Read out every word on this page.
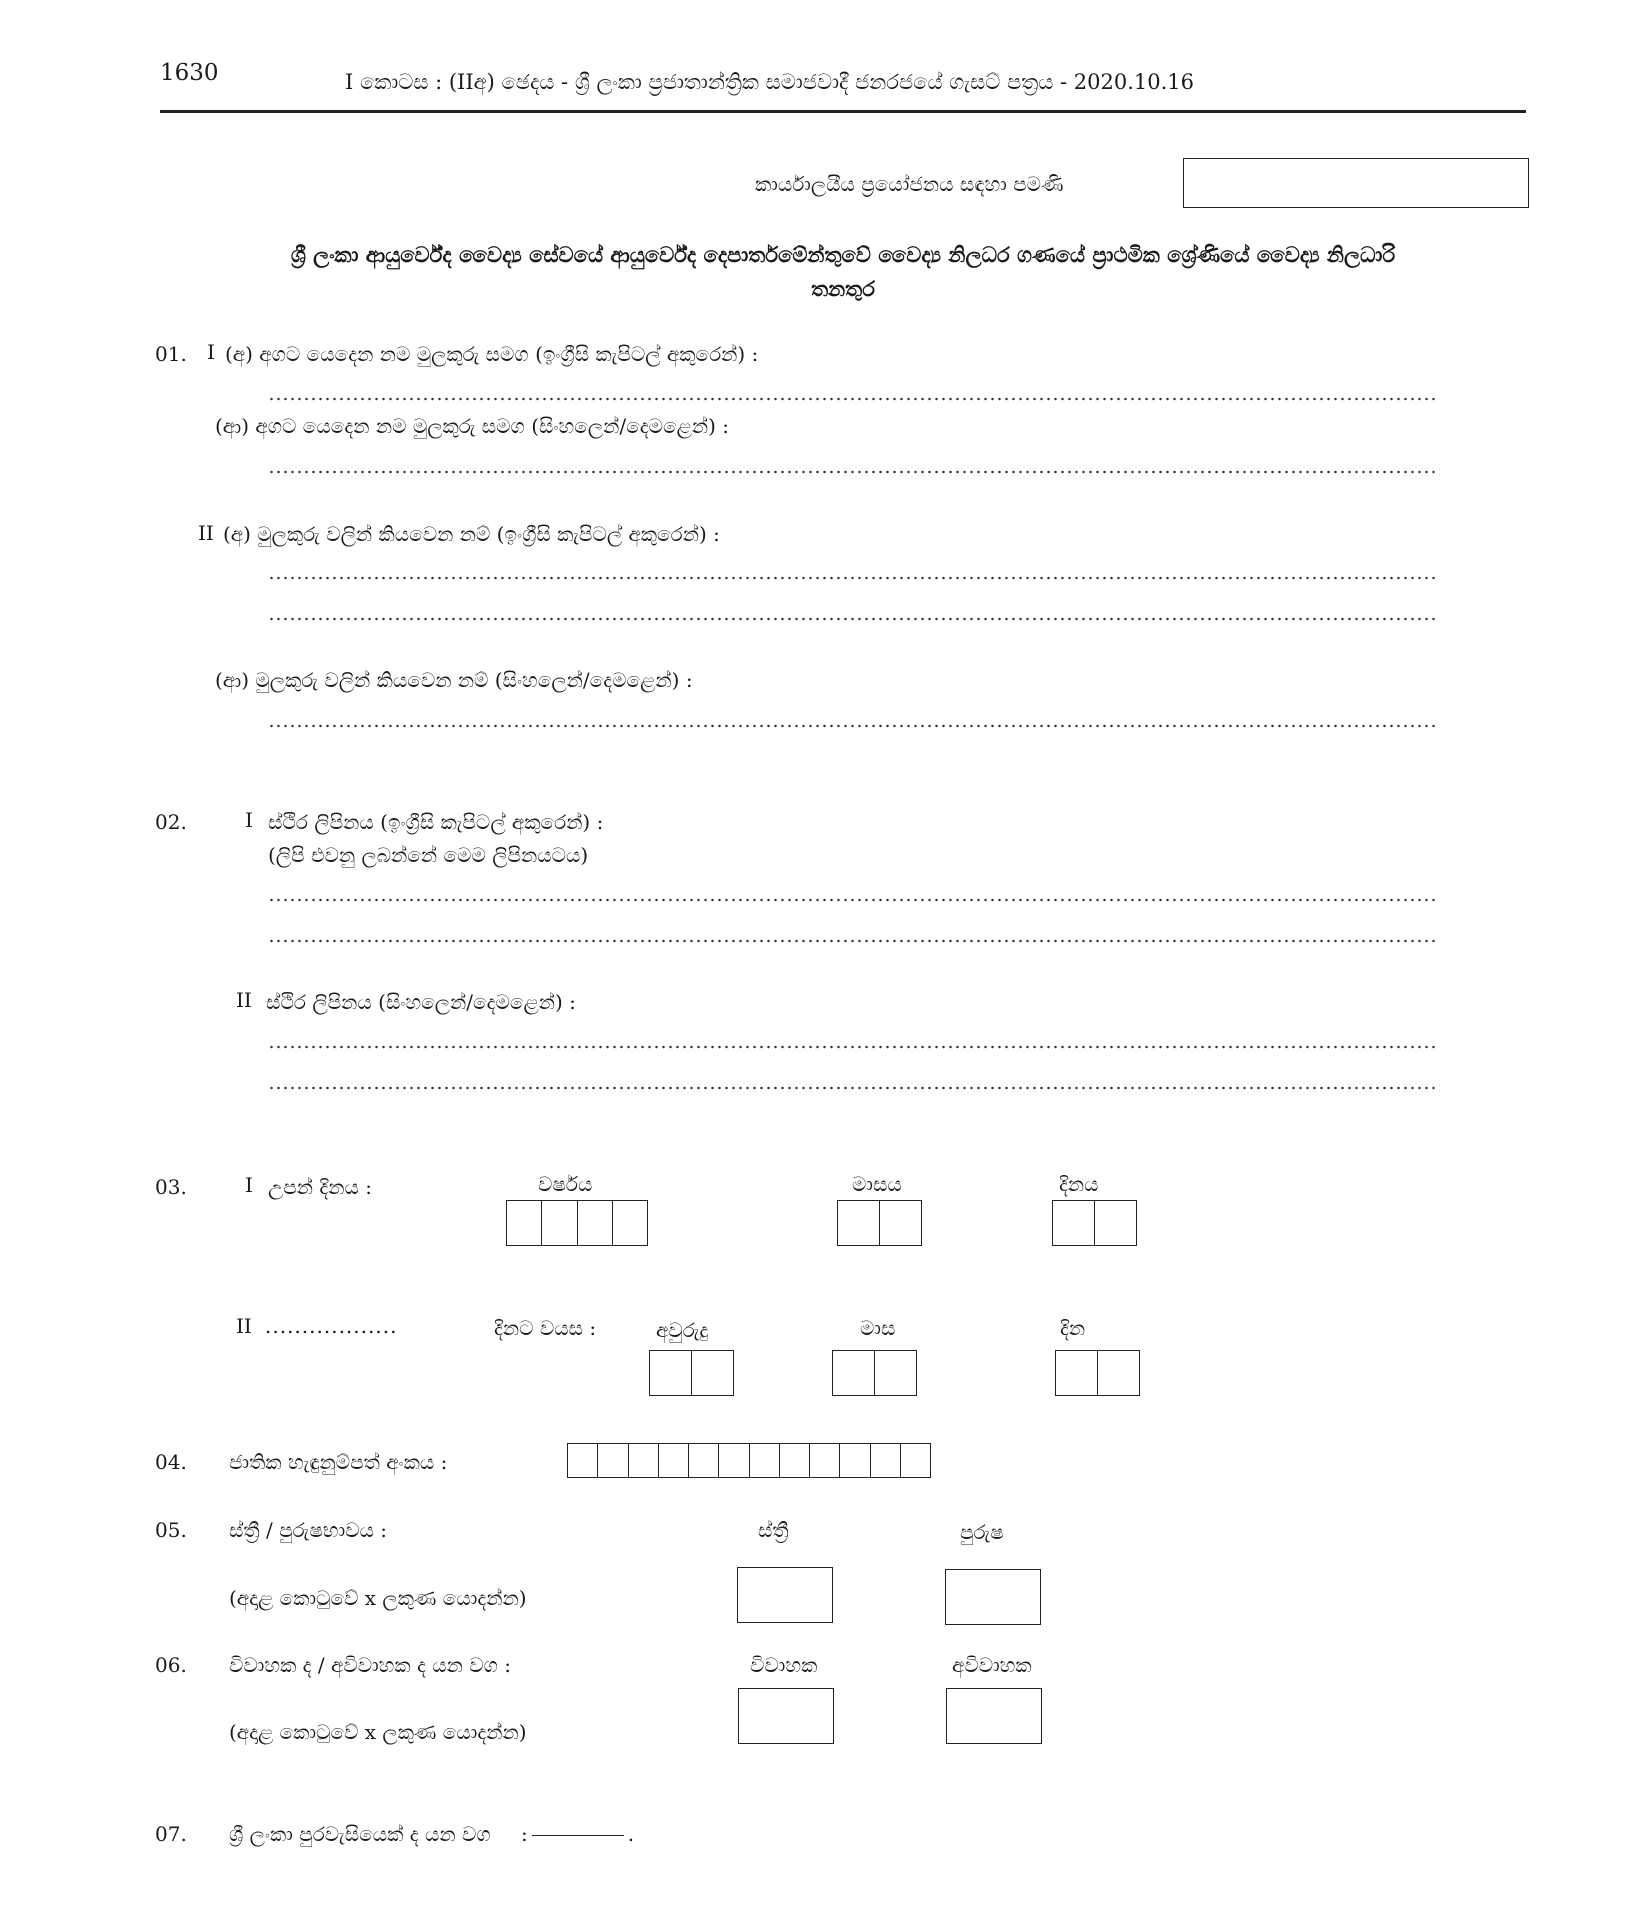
1630	I කොටස : (IIඅ) ඡෙදය - ශ්‍රී ලංකා ප්‍රජාතාන්ත්‍රික සමාජවාදී ජනරජයේ ගැසට් පත්‍රය - 2020.10.16
කාර්යාලයීය ප්‍රයෝජනය සඳහා පමණි
ශ්‍රී ලංකා ආයුර්වේද වෛද්‍ය සේවයේ ආයුර්වේද දෙපාර්තමේන්තුවේ වෛද්‍ය නිලධර ගණයේ ප්‍රාථමික ශ්‍රේණියේ වෛද්‍ය නිලධාරි
තනතුර
01. I (අ) අගට යෙදෙන නම මුලකුරු සමග (ඉංග්‍රීසි කැපිටල් අකුරෙන්) :
(ආ) අගට යෙදෙන නම මුලකුරු සමග (සිංහලෙන්/දෙමළෙන්) :
II (අ) මුලකුරු වලින් කියවෙන නම් (ඉංග්‍රීසි කැපිටල් අකුරෙන්) :
(ආ) මුලකුරු වලින් කියවෙන නම් (සිංහලෙන්/දෙමළෙන්) :
02.	I ස්ථිර ලිපිනය (ඉංග්‍රීසි කැපිටල් අකුරෙන්) :
(ලිපි එවනු ලබන්නේ මෙම ලිපිනයටය)
II ස්ථිර ලිපිනය (සිංහලෙන්/දෙමළෙන්) :
03.	I උපන් දිනය :	වර්ෂය	මාසය	දිනය
II ..................	දිනට වයස :	අවුරුදු	මාස	දින
04. ජාතික හැඳුනුම්පත් අංකය :
05. ස්ත්‍රී / පුරුෂභාවය :	ස්ත්‍රී	පුරුෂ
(අදාළ කොටුවේ x ලකුණ යොදන්න)
06. විවාහක ද / අවිවාහක ද යන වග :	විවාහක	අවිවාහක
(අදාළ කොටුවේ x ලකුණ යොදන්න)
07. ශ්‍රී ලංකා පුරවැසියෙක් ද යන වග :	.
